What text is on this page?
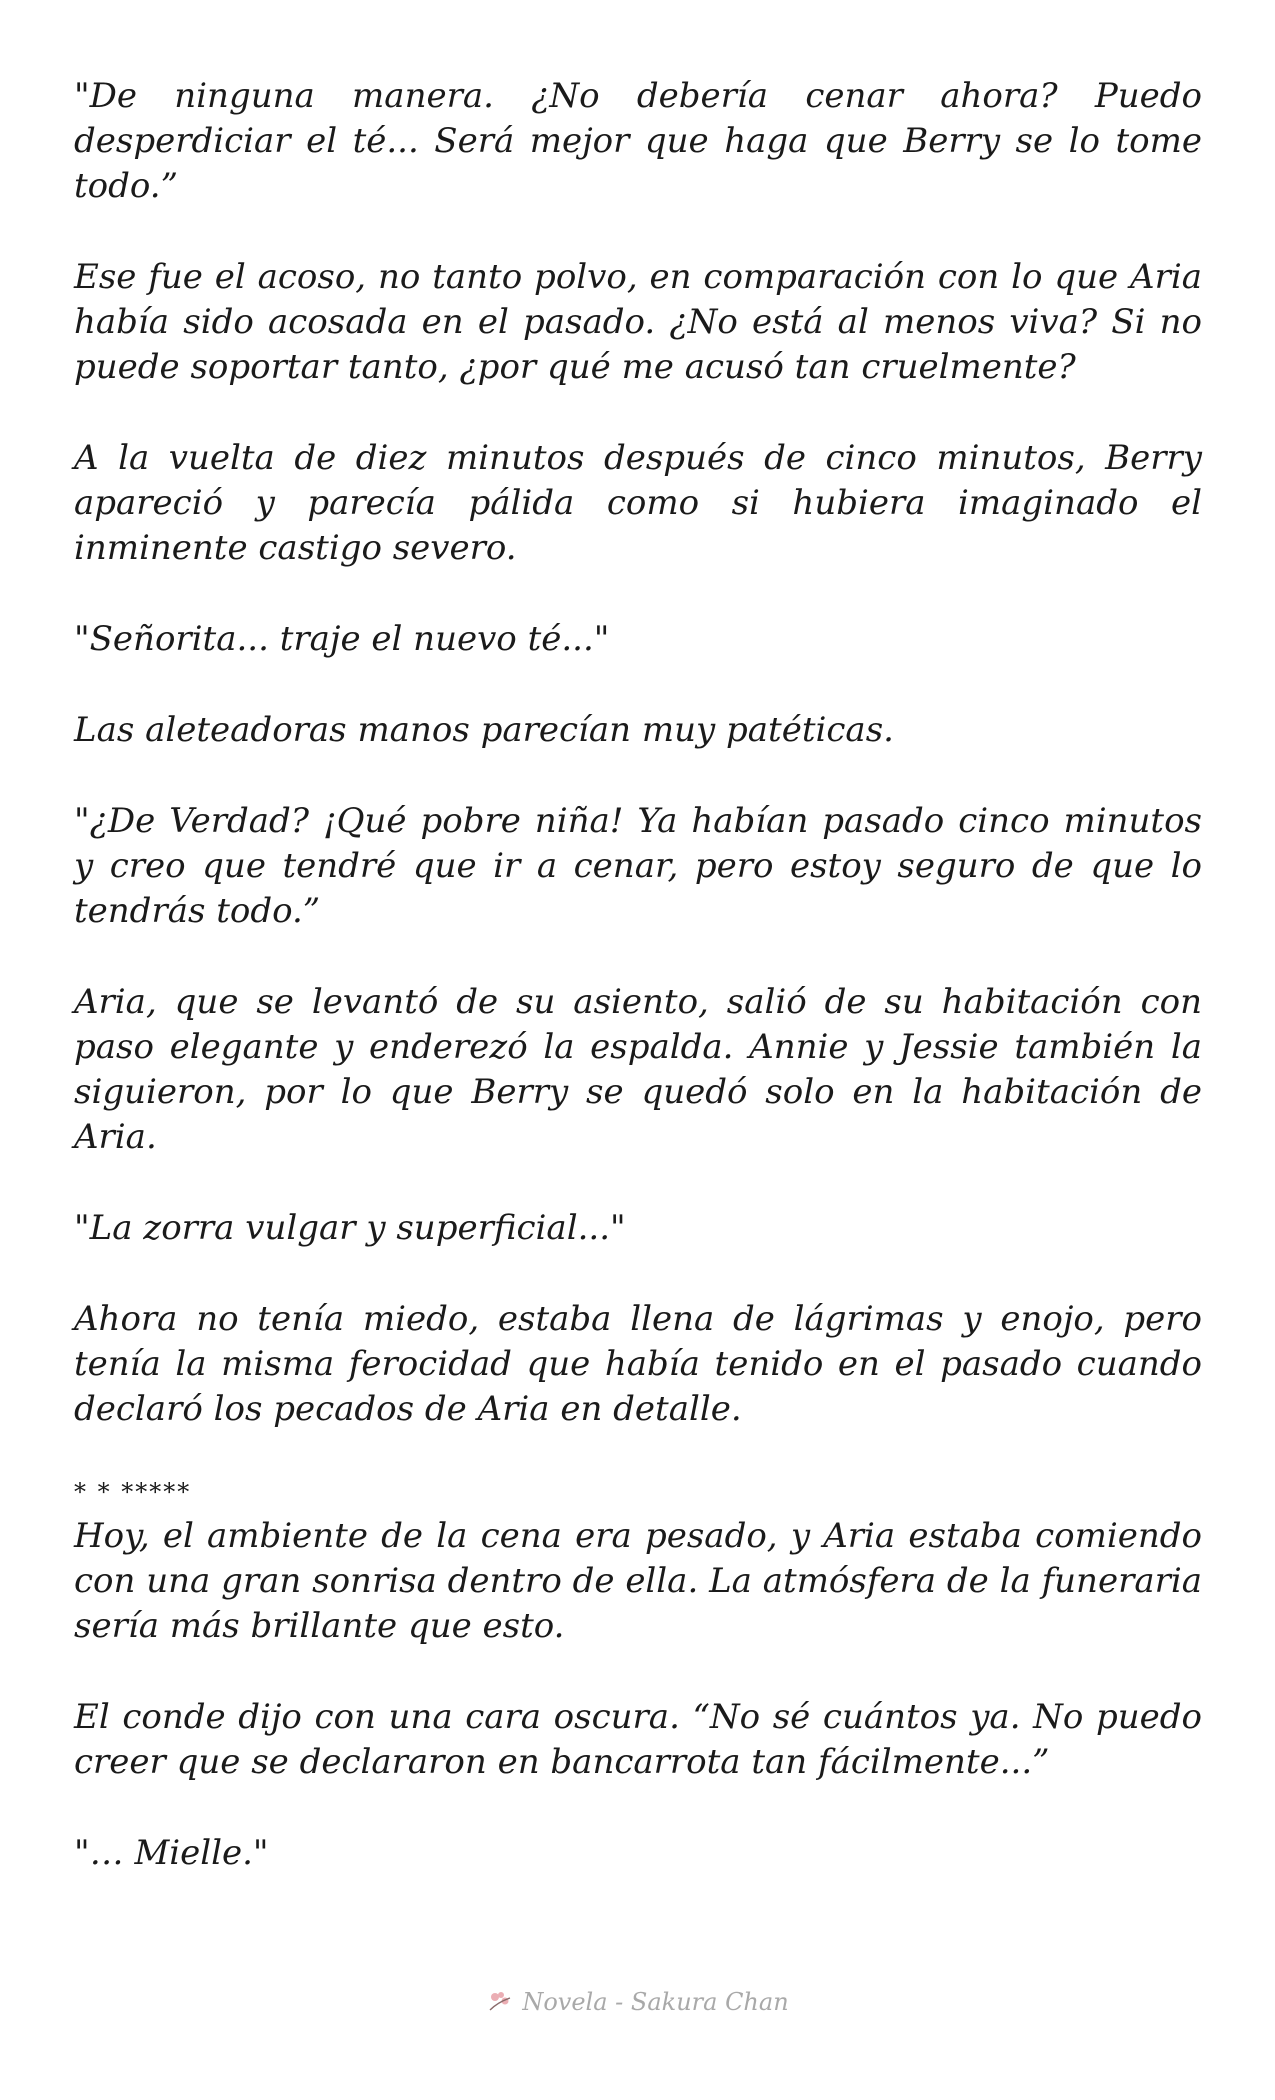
"De ninguna manera. ¿No debería cenar ahora? Puedo desperdiciar el té... Será mejor que haga que Berry se lo tome todo.”

Ese fue el acoso, no tanto polvo, en comparación con lo que Aria había sido acosada en el pasado. ¿No está al menos viva? Si no puede soportar tanto, ¿por qué me acusó tan cruelmente?

A la vuelta de diez minutos después de cinco minutos, Berry apareció y parecía pálida como si hubiera imaginado el inminente castigo severo.

"Señorita... traje el nuevo té..."

Las aleteadoras manos parecían muy patéticas.

"¿De Verdad? ¡Qué pobre niña! Ya habían pasado cinco minutos y creo que tendré que ir a cenar, pero estoy seguro de que lo tendrás todo.”

Aria, que se levantó de su asiento, salió de su habitación con paso elegante y enderezó la espalda. Annie y Jessie también la siguieron, por lo que Berry se quedó solo en la habitación de Aria.

"La zorra vulgar y superficial..."

Ahora no tenía miedo, estaba llena de lágrimas y enojo, pero tenía la misma ferocidad que había tenido en el pasado cuando declaró los pecados de Aria en detalle.

* * *****

Hoy, el ambiente de la cena era pesado, y Aria estaba comiendo con una gran sonrisa dentro de ella. La atmósfera de la funeraria sería más brillante que esto.

El conde dijo con una cara oscura. “No sé cuántos ya. No puedo creer que se declararon en bancarrota tan fácilmente...”

"… Mielle."

Novela - Sakura Chan
